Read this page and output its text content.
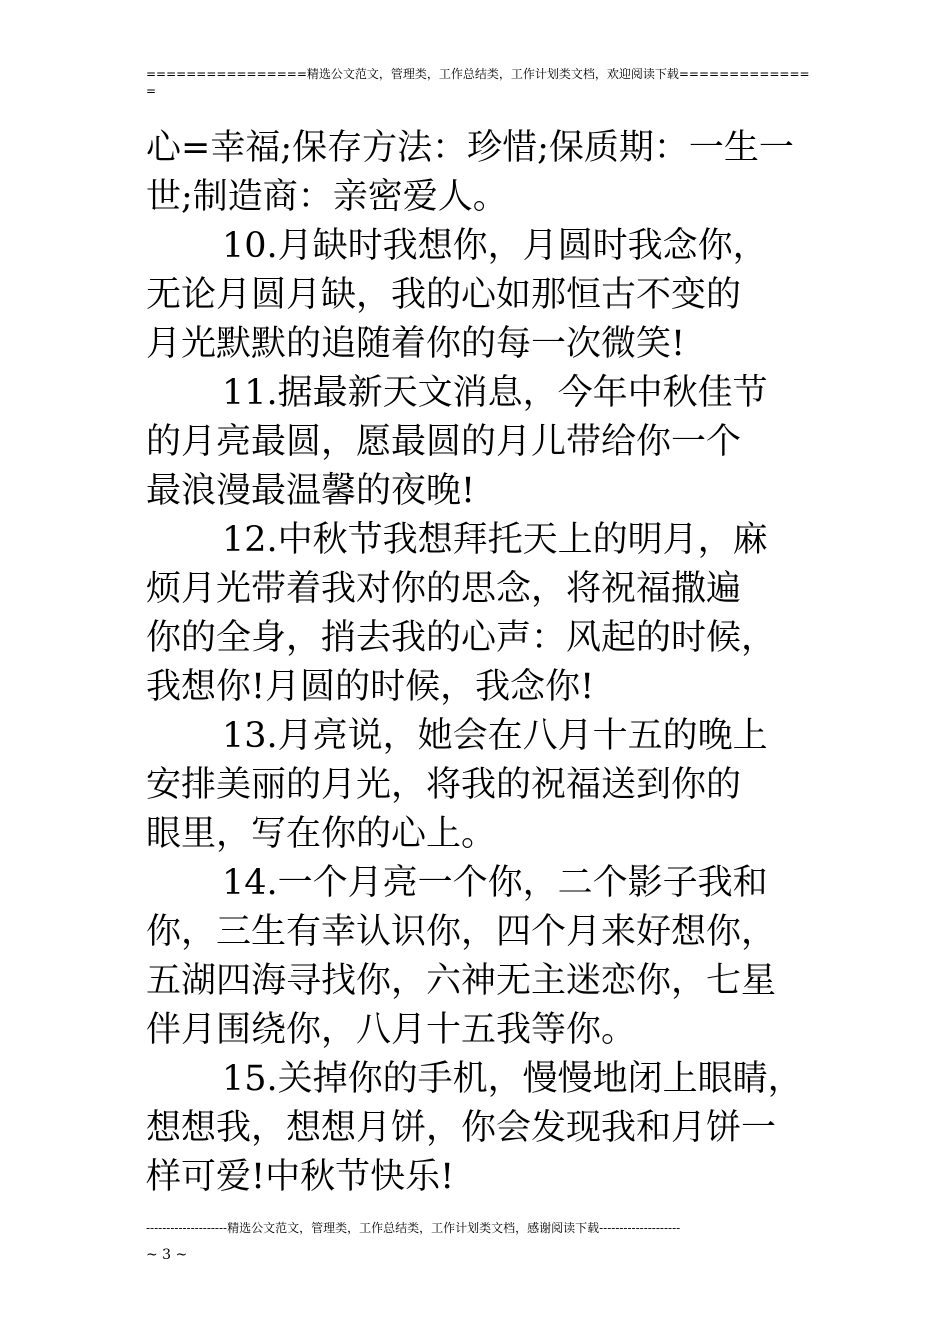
================精选公文范文，管理类，工作总结类，工作计划类文档，欢迎阅读下载==============
心=幸福;保存方法：珍惜;保质期：一生一
世;制造商：亲密爱人。
10.月缺时我想你，月圆时我念你，
无论月圆月缺，我的心如那恒古不变的
月光默默的追随着你的每一次微笑!
11.据最新天文消息，今年中秋佳节
的月亮最圆，愿最圆的月儿带给你一个
最浪漫最温馨的夜晚!
12.中秋节我想拜托天上的明月，麻
烦月光带着我对你的思念，将祝福撒遍
你的全身，捎去我的心声：风起的时候，
我想你!月圆的时候，我念你!
13.月亮说，她会在八月十五的晚上
安排美丽的月光，将我的祝福送到你的
眼里，写在你的心上。
14.一个月亮一个你，二个影子我和
你，三生有幸认识你，四个月来好想你，
五湖四海寻找你，六神无主迷恋你，七星
伴月围绕你，八月十五我等你。
15.关掉你的手机，慢慢地闭上眼睛，
想想我，想想月饼，你会发现我和月饼一
样可爱!中秋节快乐!
--------------------精选公文范文，管理类，工作总结类，工作计划类文档，感谢阅读下载--------------------
~ 3 ~
